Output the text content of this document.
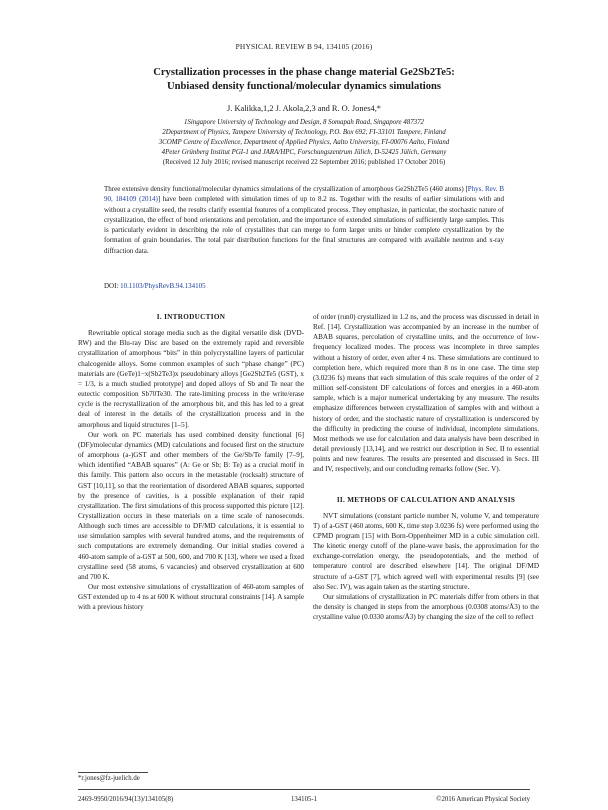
PHYSICAL REVIEW B 94, 134105 (2016)
Crystallization processes in the phase change material Ge2Sb2Te5:
Unbiased density functional/molecular dynamics simulations
J. Kalikka,1,2 J. Akola,2,3 and R. O. Jones4,*
1Singapore University of Technology and Design, 8 Somapah Road, Singapore 487372
2Department of Physics, Tampere University of Technology, P.O. Box 692, FI-33101 Tampere, Finland
3COMP Centre of Excellence, Department of Applied Physics, Aalto University, FI-00076 Aalto, Finland
4Peter Grünberg Institut PGI-1 and JARA/HPC, Forschungszentrum Jülich, D-52425 Jülich, Germany
(Received 12 July 2016; revised manuscript received 22 September 2016; published 17 October 2016)
Three extensive density functional/molecular dynamics simulations of the crystallization of amorphous Ge2Sb2Te5 (460 atoms) [Phys. Rev. B 90, 184109 (2014)] have been completed with simulation times of up to 8.2 ns. Together with the results of earlier simulations with and without a crystallite seed, the results clarify essential features of a complicated process. They emphasize, in particular, the stochastic nature of crystallization, the effect of bond orientations and percolation, and the importance of extended simulations of sufficiently large samples. This is particularly evident in describing the role of crystallites that can merge to form larger units or hinder complete crystallization by the formation of grain boundaries. The total pair distribution functions for the final structures are compared with available neutron and x-ray diffraction data.
DOI: 10.1103/PhysRevB.94.134105
I. INTRODUCTION

Rewritable optical storage media such as the digital versatile disk (DVD-RW) and the Blu-ray Disc are based on the extremely rapid and reversible crystallization of amorphous “bits” in thin polycrystalline layers of particular chalcogenide alloys. Some common examples of such “phase change” (PC) materials are (GeTe)1−x(Sb2Te3)x pseudobinary alloys [Ge2Sb2Te5 (GST), x = 1/3, is a much studied prototype] and doped alloys of Sb and Te near the eutectic composition Sb70Te30. The rate-limiting process in the write/erase cycle is the recrystallization of the amorphous bit, and this has led to a great deal of interest in the details of the crystallization process and in the amorphous and liquid structures [1–5].

Our work on PC materials has used combined density functional [6] (DF)/molecular dynamics (MD) calculations and focused first on the structure of amorphous (a-)GST and other members of the Ge/Sb/Te family [7–9], which identified “ABAB squares” (A: Ge or Sb; B: Te) as a crucial motif in this family. This pattern also occurs in the metastable (rocksalt) structure of GST [10,11], so that the reorientation of disordered ABAB squares, supported by the presence of cavities, is a possible explanation of their rapid crystallization. The first simulations of this process supported this picture [12]. Crystallization occurs in these materials on a time scale of nanoseconds. Although such times are accessible to DF/MD calculations, it is essential to use simulation samples with several hundred atoms, and the requirements of such computations are extremely demanding. Our initial studies covered a 460-atom sample of a-GST at 500, 600, and 700 K [13], where we used a fixed crystalline seed (58 atoms, 6 vacancies) and observed crystallization at 600 and 700 K.

Our most extensive simulations of crystallization of 460-atom samples of GST extended up to 4 ns at 600 K without structural constraints [14]. A sample with a previous history

of order (run0) crystallized in 1.2 ns, and the process was discussed in detail in Ref. [14]. Crystallization was accompanied by an increase in the number of ABAB squares, percolation of crystalline units, and the occurrence of low-frequency localized modes. The process was incomplete in three samples without a history of order, even after 4 ns. These simulations are continued to completion here, which required more than 8 ns in one case. The time step (3.0236 fs) means that each simulation of this scale requires of the order of 2 million self-consistent DF calculations of forces and energies in a 460-atom sample, which is a major numerical undertaking by any measure. The results emphasize differences between crystallization of samples with and without a history of order, and the stochastic nature of crystallization is underscored by the difficulty in predicting the course of individual, incomplete simulations. Most methods we use for calculation and data analysis have been described in detail previously [13,14], and we restrict our description in Sec. II to essential points and new features. The results are presented and discussed in Secs. III and IV, respectively, and our concluding remarks follow (Sec. V).

II. METHODS OF CALCULATION AND ANALYSIS

NVT simulations (constant particle number N, volume V, and temperature T) of a-GST (460 atoms, 600 K, time step 3.0236 fs) were performed using the CPMD program [15] with Born-Oppenheimer MD in a cubic simulation cell. The kinetic energy cutoff of the plane-wave basis, the approximation for the exchange-correlation energy, the pseudopotentials, and the method of temperature control are described elsewhere [14]. The original DF/MD structure of a-GST [7], which agreed well with experimental results [9] (see also Sec. IV), was again taken as the starting structure.

Our simulations of crystallization in PC materials differ from others in that the density is changed in steps from the amorphous (0.0308 atoms/Å3) to the crystalline value (0.0330 atoms/Å3) by changing the size of the cell to reflect

*r.jones@fz-juelich.de
2469-9950/2016/94(13)/134105(8)	134105-1	©2016 American Physical Society
